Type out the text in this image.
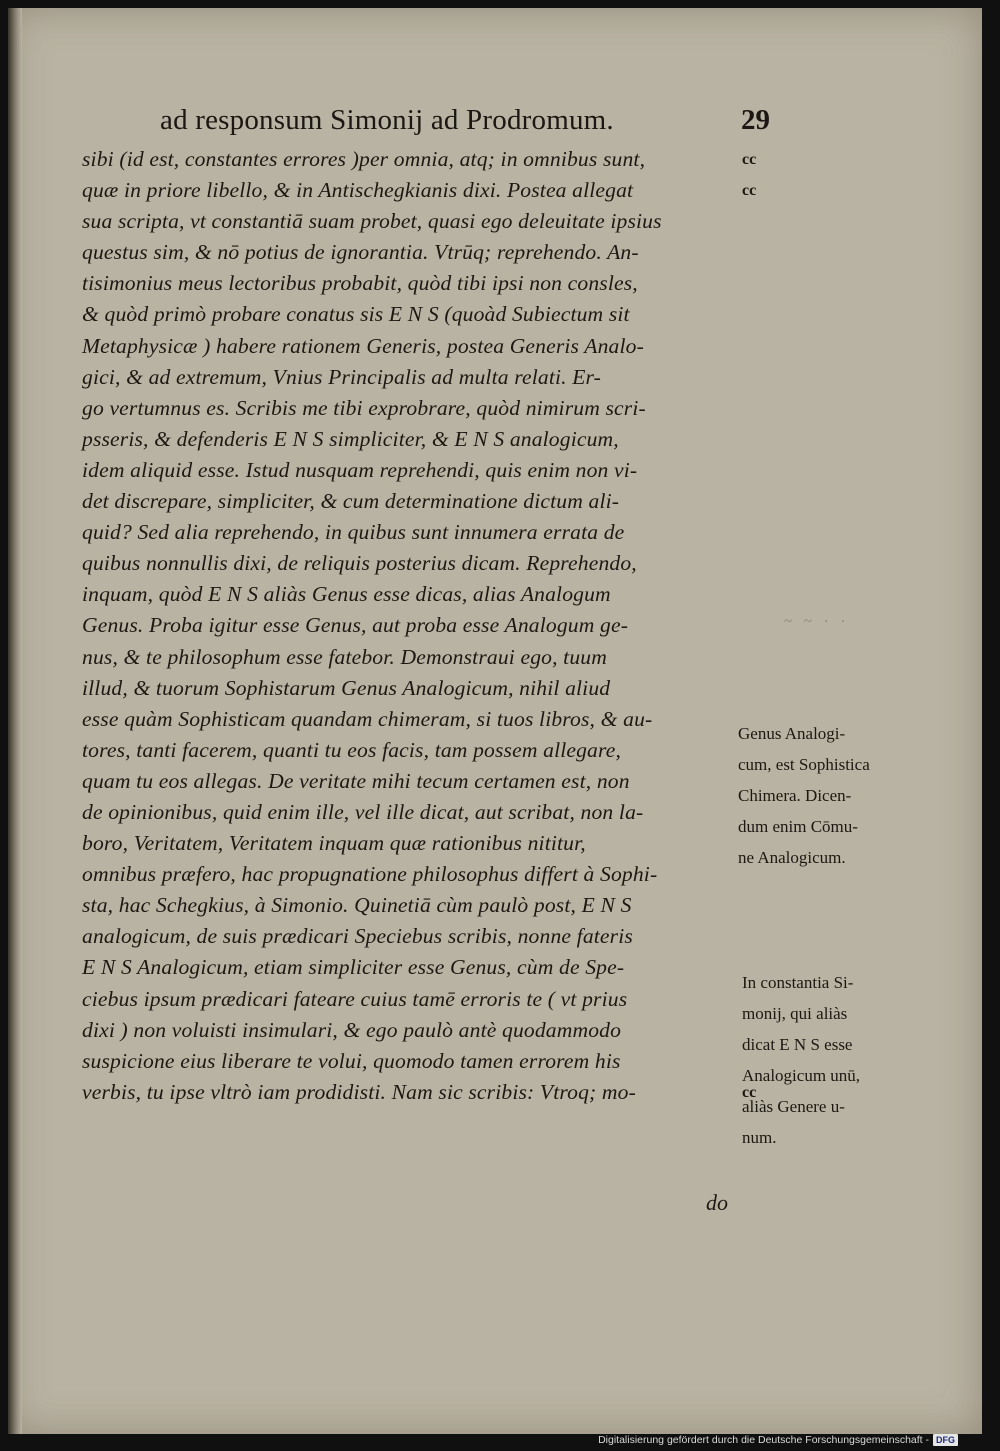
ad responsum Simonij ad Prodromum.	29
sibi (id est, constantes errores )per omnia, atq; in omnibus sunt,
quæ in priore libello, & in Antischegkianis dixi. Postea allegat
sua scripta, vt constantiā suam probet, quasi ego deleuitate ipsius
questus sim, & nō potius de ignorantia. Vtrūq; reprehendo. An-
tisimonius meus lectoribus probabit, quòd tibi ipsi non consles,
& quòd primò probare conatus sis E N S (quoàd Subiectum sit
Metaphysicæ ) habere rationem Generis, postea Generis Analo-
gici, & ad extremum, Vnius Principalis ad multa relati. Er-
go vertumnus es. Scribis me tibi exprobrare, quòd nimirum scri-
psseris, & defenderis E N S simpliciter, & E N S analogicum,
idem aliquid esse. Istud nusquam reprehendi, quis enim non vi-
det discrepare, simpliciter, & cum determinatione dictum ali-
quid? Sed alia reprehendo, in quibus sunt innumera errata de
quibus nonnullis dixi, de reliquis posterius dicam. Reprehendo,
inquam, quòd E N S aliàs Genus esse dicas, alias Analogum
Genus. Proba igitur esse Genus, aut proba esse Analogum ge-
nus, & te philosophum esse fatebor. Demonstraui ego, tuum
illud, & tuorum Sophistarum Genus Analogicum, nihil aliud
esse quàm Sophisticam quandam chimeram, si tuos libros, & au-
tores, tanti facerem, quanti tu eos facis, tam possem allegare,
quam tu eos allegas. De veritate mihi tecum certamen est, non
de opinionibus, quid enim ille, vel ille dicat, aut scribat, non la-
boro, Veritatem, Veritatem inquam quæ rationibus nititur,
omnibus præfero, hac propugnatione philosophus differt à Sophi-
sta, hac Schegkius, à Simonio. Quinetiā cùm paulò post, E N S
analogicum, de suis prædicari Speciebus scribis, nonne fateris
E N S Analogicum, etiam simpliciter esse Genus, cùm de Spe-
ciebus ipsum prædicari fateare cuius tamē erroris te ( vt prius
dixi ) non voluisti insimulari, & ego paulò antè quodammodo
suspicione eius liberare te volui, quomodo tamen errorem his
verbis, tu ipse vltrò iam prodidisti. Nam sic scribis: Vtroq; mo-
cc
cc
cc
Genus Analogi-
cum, est Sophistica
Chimera. Dicen-
dum enim Cōmu-
ne Analogicum.
In constantia Si-
monij, qui aliàs
dicat E N S esse
Analogicum unū,
aliàs Genere u-
num.
~ ~ · ·
do
Digitalisierung gefördert durch die Deutsche Forschungsgemeinschaft - DFG
